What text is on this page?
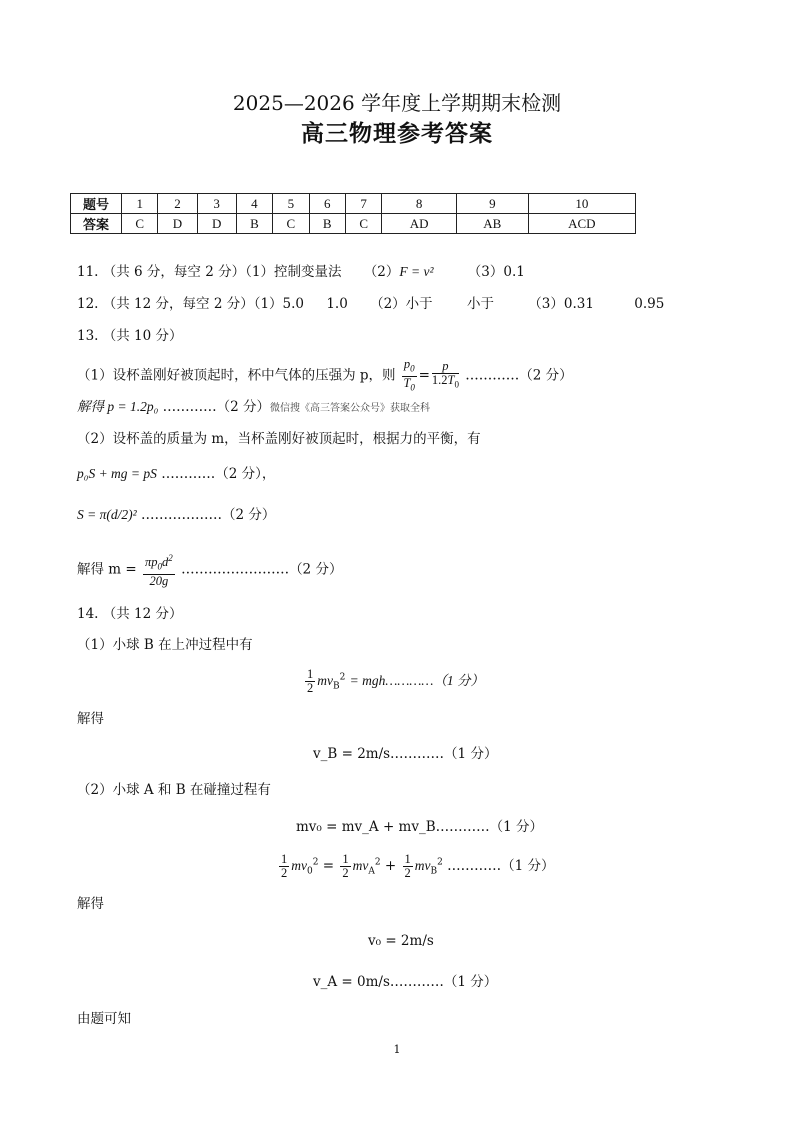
2025—2026 学年度上学期期末检测
高三物理参考答案
题号	1	2	3	4	5	6	7	8	9	10
答案	C	D	D	B	C	B	C	AD	AB	ACD
11. （共 6 分，每空 2 分）（1）控制变量法 （2）F = v²	（3）0.1
12. （共 12 分，每空 2 分）（1）5.0 1.0 （2）小于	小于	（3）0.31	0.95
13. （共 10 分）
（1）设杯盖刚好被顶起时，杯中气体的压强为 p，则 $\frac{p_0}{T_0} = \frac{p}{1.2T_0}$ …………（2 分）
解得 p = 1.2p₀ …………（2 分）微信搜《高三答案公众号》获取全科
（2）设杯盖的质量为 m，当杯盖刚好被顶起时，根据力的平衡，有
p₀S + mg = pS …………（2 分），
S = π(d/2)² ………………（2 分）
解得 $m = \frac{\pi p_0d^2}{20g}$ ……………………（2 分）
14. （共 12 分）
（1）小球 B 在上冲过程中有
$\frac{1}{2} mv_B^2$ = mgh…………（1 分）
解得
v_B = 2m/s…………（1 分）
（2）小球 A 和 B 在碰撞过程有
mv₀ = mv_A + mv_B…………（1 分）
$\frac{1}{2} mv_0^2 = \frac{1}{2} mv_A^2 + \frac{1}{2} mv_B^2$ …………（1 分）
解得
v₀ = 2m/s
v_A = 0m/s…………（1 分）
由题可知
1
